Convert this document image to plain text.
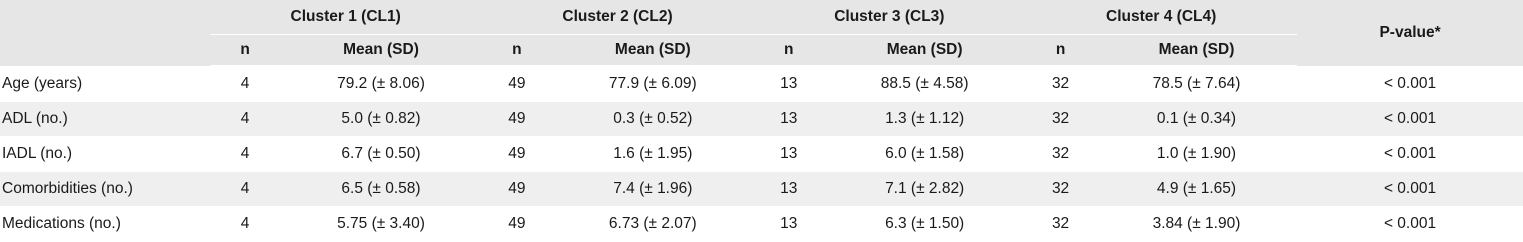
	Cluster 1 (CL1)		Cluster 2 (CL2)		Cluster 3 (CL3)		Cluster 4 (CL4)		P-value*
	n	Mean (SD)	n	Mean (SD)	n	Mean (SD)	n	Mean (SD)	
Age (years)	4	79.2 (± 8.06)	49	77.9 (± 6.09)	13	88.5 (± 4.58)	32	78.5 (± 7.64)	< 0.001
ADL (no.)	4	5.0 (± 0.82)	49	0.3 (± 0.52)	13	1.3 (± 1.12)	32	0.1 (± 0.34)	< 0.001
IADL (no.)	4	6.7 (± 0.50)	49	1.6 (± 1.95)	13	6.0 (± 1.58)	32	1.0 (± 1.90)	< 0.001
Comorbidities (no.)	4	6.5 (± 0.58)	49	7.4 (± 1.96)	13	7.1 (± 2.82)	32	4.9 (± 1.65)	< 0.001
Medications (no.)	4	5.75 (± 3.40)	49	6.73 (± 2.07)	13	6.3 (± 1.50)	32	3.84 (± 1.90)	< 0.001
